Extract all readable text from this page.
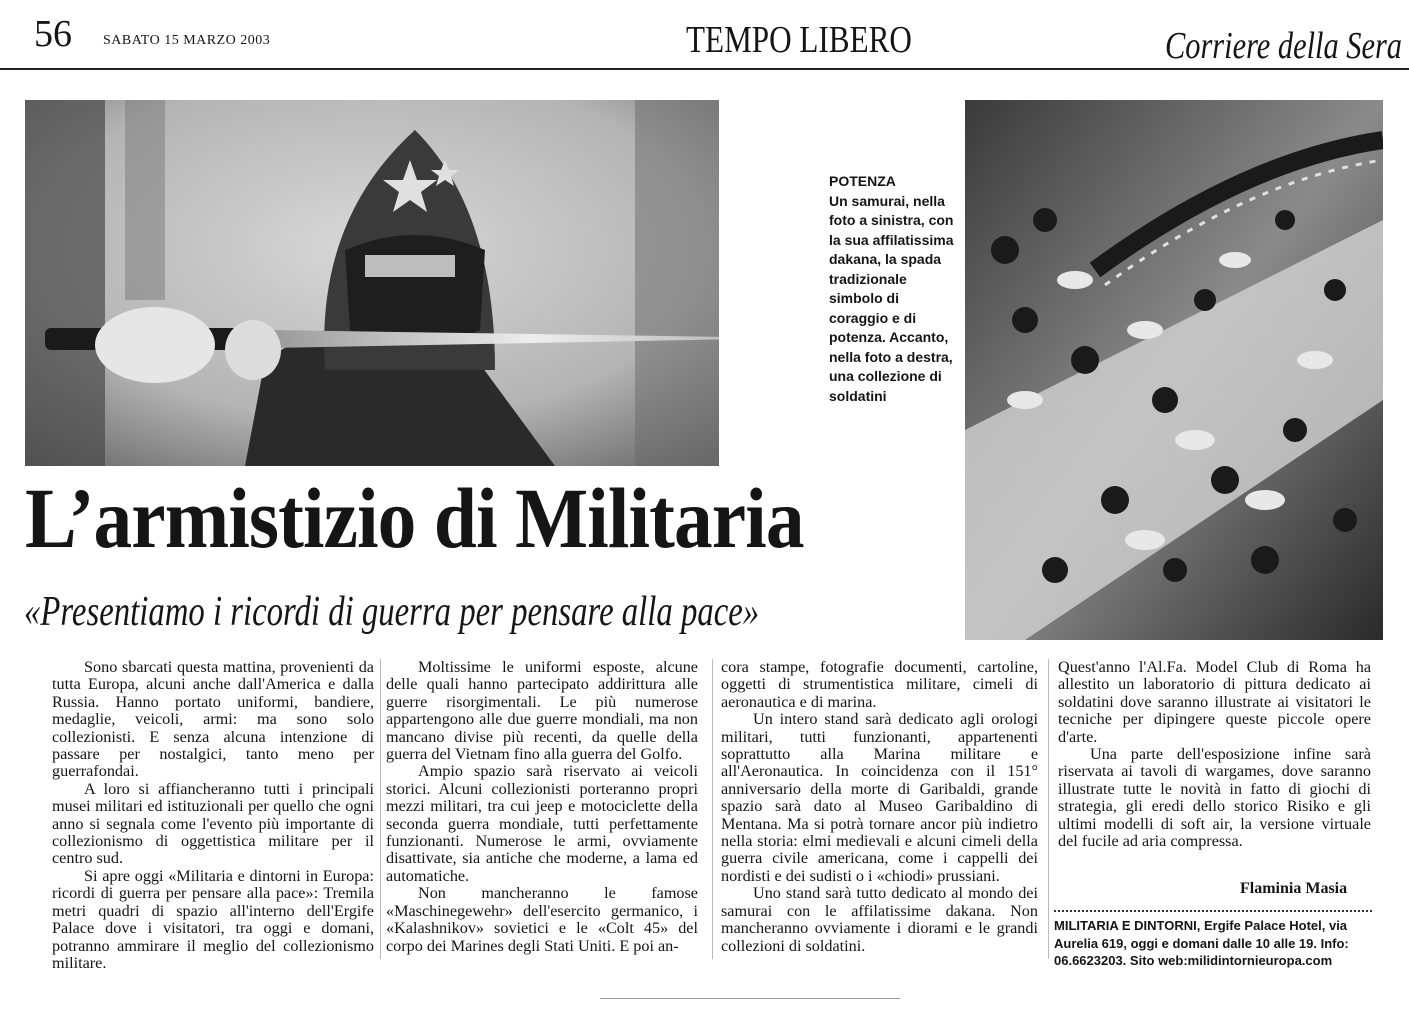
56 SABATO 15 MARZO 2003	TEMPO LIBERO	Corriere della Sera
POTENZA
Un samurai, nella foto a sinistra, con la sua affilatissima dakana, la spada tradizionale simbolo di coraggio e di potenza. Accanto, nella foto a destra, una collezione di soldatini
L’armistizio di Militaria
«Presentiamo i ricordi di guerra per pensare alla pace»

Sono sbarcati questa mattina, provenienti da tutta Europa, alcuni anche dall'America e dalla Russia. Hanno portato uniformi, bandiere, medaglie, veicoli, armi: ma sono solo collezionisti. E senza alcuna intenzione di passare per nostalgici, tanto meno per guerrafondai.

A loro si affiancheranno tutti i principali musei militari ed istituzionali per quello che ogni anno si segnala come l'evento più importante di collezionismo di oggettistica militare per il centro sud.

Si apre oggi «Militaria e dintorni in Europa: ricordi di guerra per pensare alla pace»: Tremila metri quadri di spazio all'interno dell'Ergife Palace dove i visitatori, tra oggi e domani, potranno ammirare il meglio del collezionismo militare.

Moltissime le uniformi esposte, alcune delle quali hanno partecipato addirittura alle guerre risorgimentali. Le più numerose appartengono alle due guerre mondiali, ma non mancano divise più recenti, da quelle della guerra del Vietnam fino alla guerra del Golfo.

Ampio spazio sarà riservato ai veicoli storici. Alcuni collezionisti porteranno propri mezzi militari, tra cui jeep e motociclette della seconda guerra mondiale, tutti perfettamente funzionanti. Numerose le armi, ovviamente disattivate, sia antiche che moderne, a lama ed automatiche.

Non mancheranno le famose «Maschinegewehr» dell'esercito germanico, i «Kalashnikov» sovietici e le «Colt 45» del corpo dei Marines degli Stati Uniti. E poi an-

cora stampe, fotografie documenti, cartoline, oggetti di strumentistica militare, cimeli di aeronautica e di marina.

Un intero stand sarà dedicato agli orologi militari, tutti funzionanti, appartenenti soprattutto alla Marina militare e all'Aeronautica. In coincidenza con il 151° anniversario della morte di Garibaldi, grande spazio sarà dato al Museo Garibaldino di Mentana. Ma si potrà tornare ancor più indietro nella storia: elmi medievali e alcuni cimeli della guerra civile americana, come i cappelli dei nordisti e dei sudisti o i «chiodi» prussiani.

Uno stand sarà tutto dedicato al mondo dei samurai con le affilatissime dakana. Non mancheranno ovviamente i diorami e le grandi collezioni di soldatini.

Quest'anno l'Al.Fa. Model Club di Roma ha allestito un laboratorio di pittura dedicato ai soldatini dove saranno illustrate ai visitatori le tecniche per dipingere queste piccole opere d'arte.

Una parte dell'esposizione infine sarà riservata ai tavoli di wargames, dove saranno illustrate tutte le novità in fatto di giochi di strategia, gli eredi dello storico Risiko e gli ultimi modelli di soft air, la versione virtuale del fucile ad aria compressa.

Flaminia Masia
MILITARIA E DINTORNI, Ergife Palace Hotel, via Aurelia 619, oggi e domani dalle 10 alle 19. Info: 06.6623203. Sito web:milidintornieuropa.com
